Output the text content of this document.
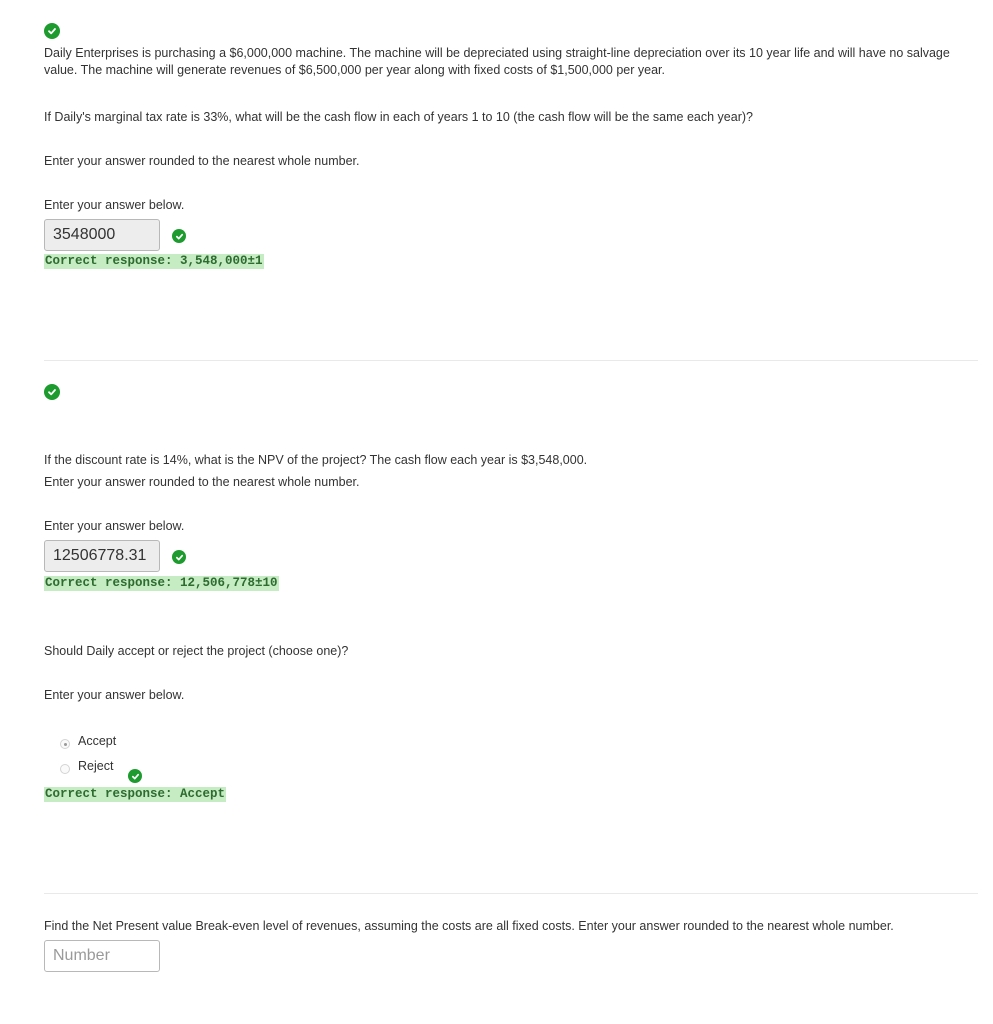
Daily Enterprises is purchasing a $6,000,000 machine. The machine will be depreciated using straight-line depreciation over its 10 year life and will have no salvage value. The machine will generate revenues of $6,500,000 per year along with fixed costs of $1,500,000 per year.

If Daily's marginal tax rate is 33%, what will be the cash flow in each of years 1 to 10 (the cash flow will be the same each year)?

Enter your answer rounded to the nearest whole number.

Enter your answer below.

3548000
Correct response: 3,548,000±1

If the discount rate is 14%, what is the NPV of the project? The cash flow each year is $3,548,000.

Enter your answer rounded to the nearest whole number.

Enter your answer below.

12506778.31
Correct response: 12,506,778±10

Should Daily accept or reject the project (choose one)?

Enter your answer below.

Accept
Reject
Correct response: Accept

Find the Net Present value Break-even level of revenues, assuming the costs are all fixed costs. Enter your answer rounded to the nearest whole number.

Number
